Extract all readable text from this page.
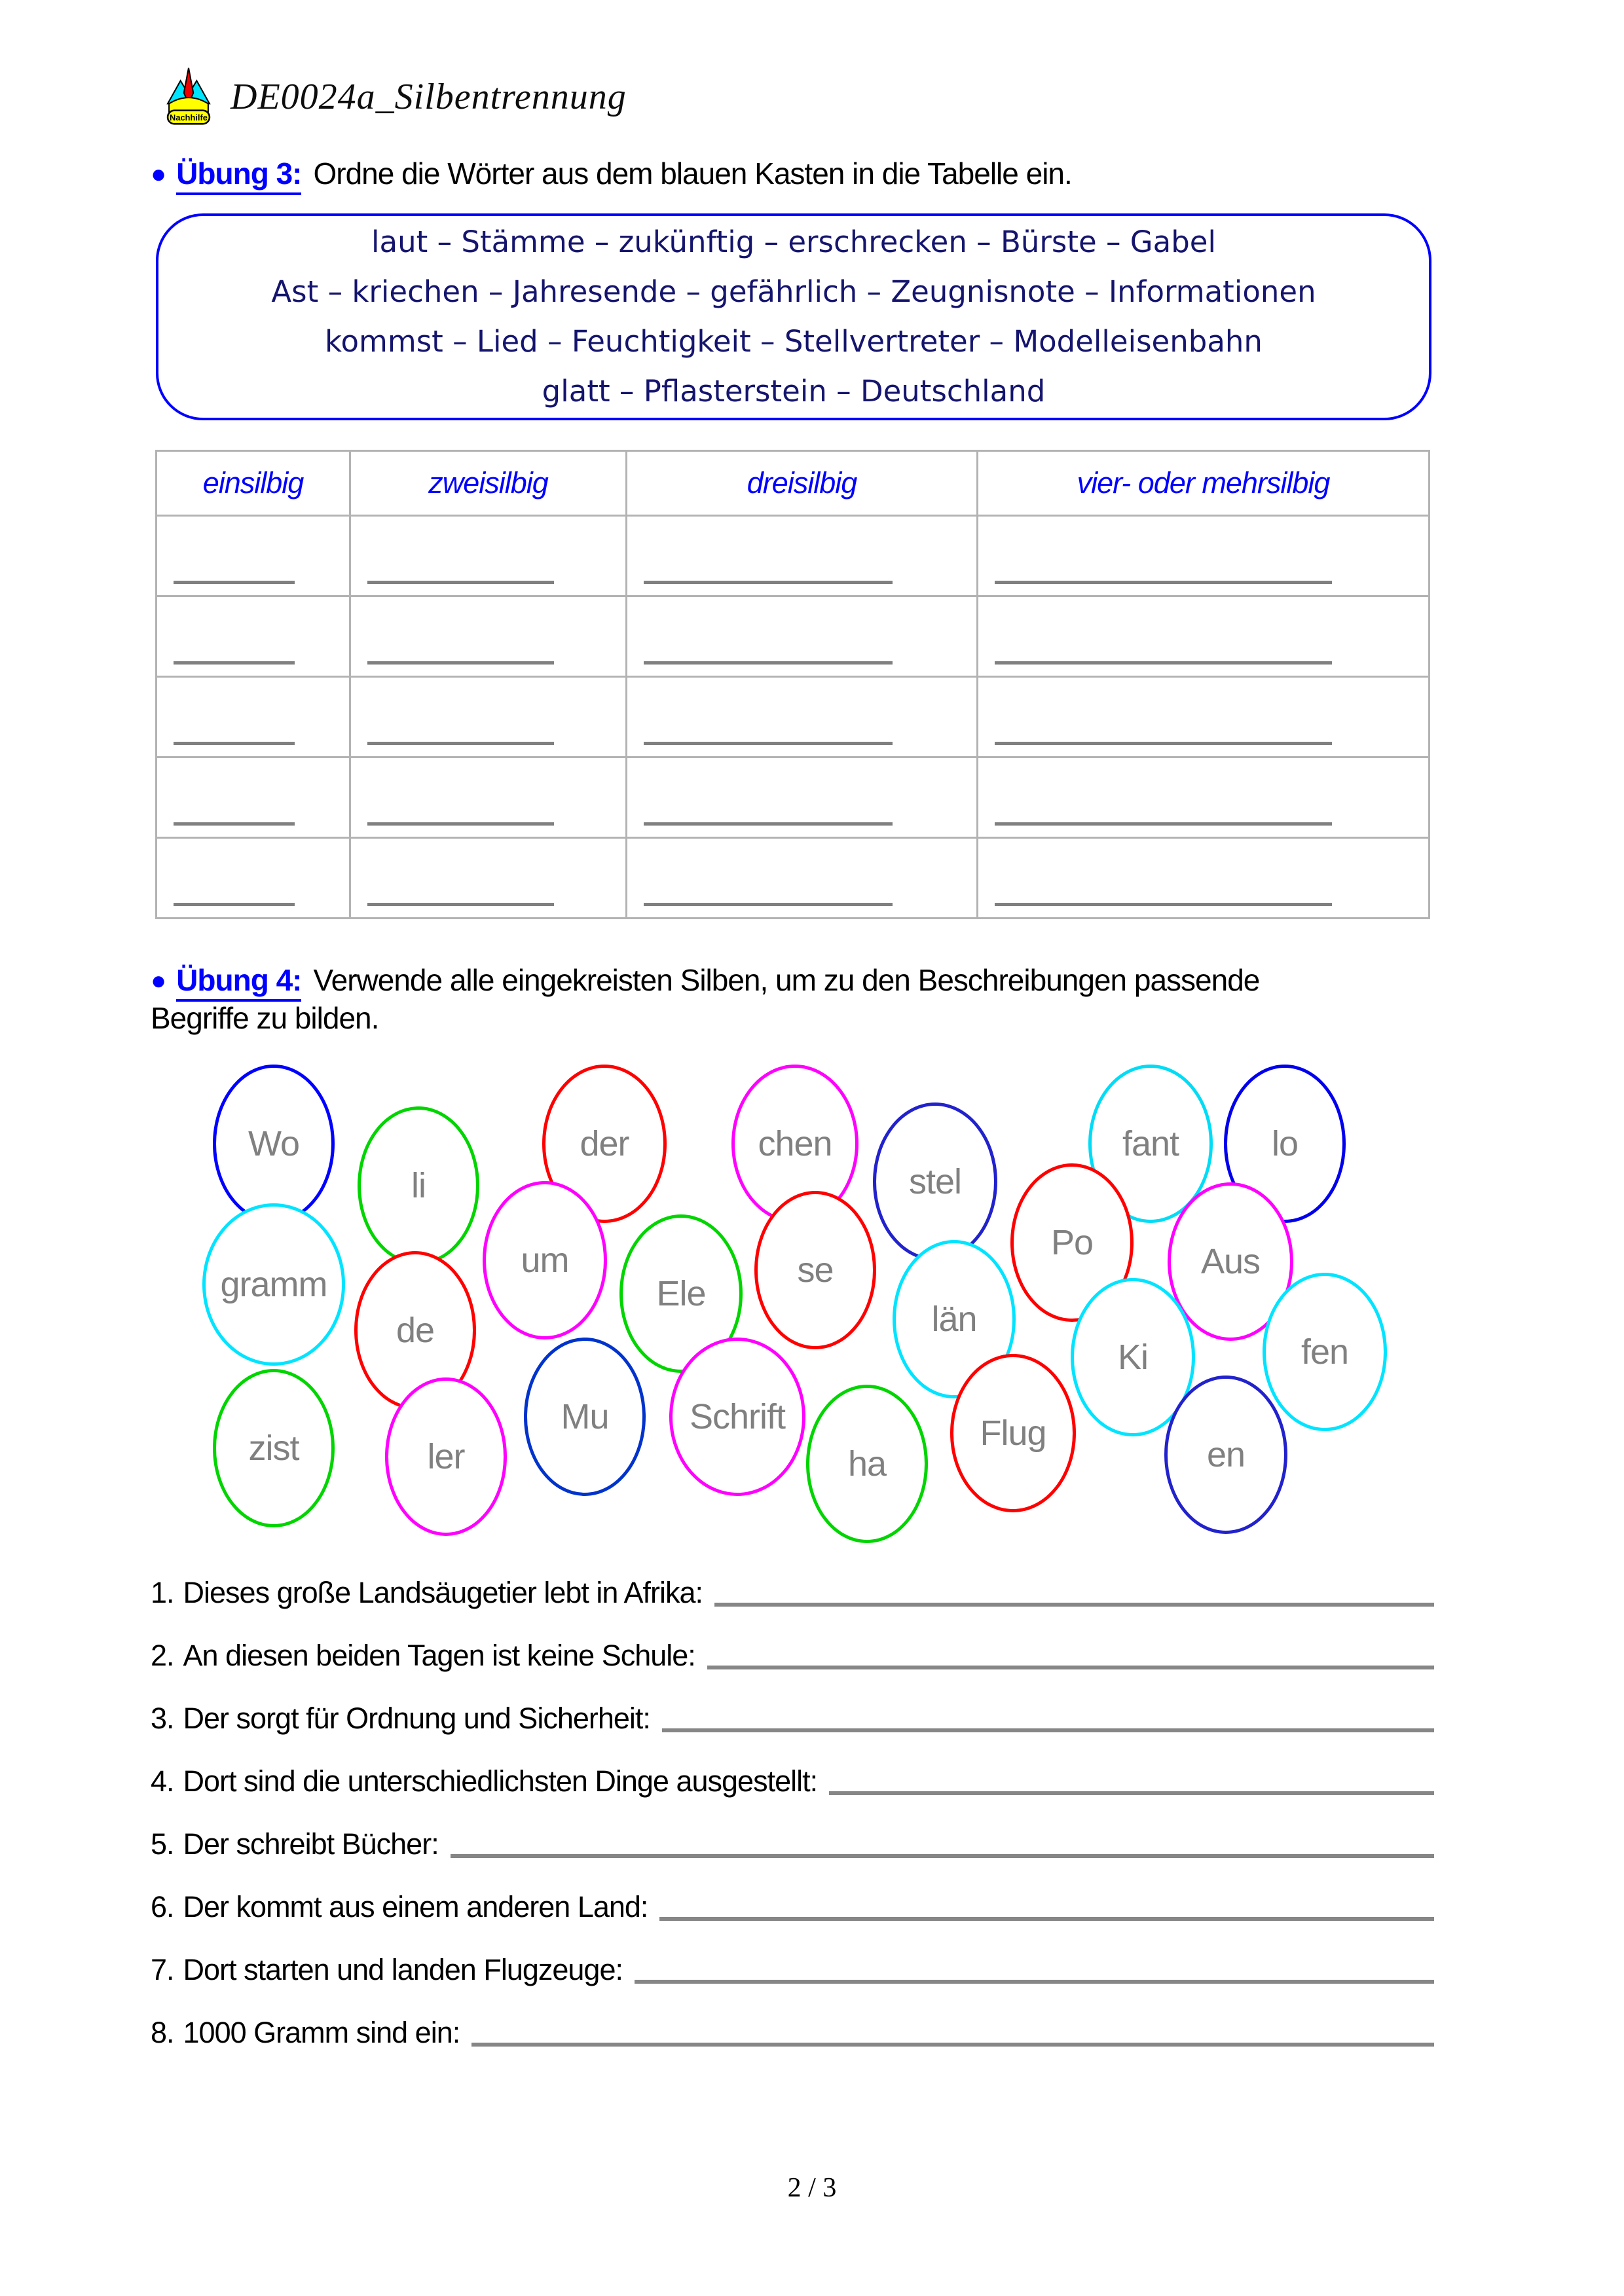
Nachhilfe
DE0024a_Silbentrennung
● Übung 3: Ordne die Wörter aus dem blauen Kasten in die Tabelle ein.
laut – Stämme – zukünftig – erschrecken – Bürste – Gabel
Ast – kriechen – Jahresende – gefährlich – Zeugnisnote – Informationen
kommst – Lied – Feuchtigkeit – Stellvertreter – Modelleisenbahn
glatt – Pflasterstein – Deutschland
einsilbig	zweisilbig	dreisilbig	vier- oder mehrsilbig

● Übung 4: Verwende alle eingekreisten Silben, um zu den Beschreibungen passende
Begriffe zu bilden.
Wo
li
der	chen
stel
fant	lo
gramm
um
Ele
se
Po	Aus
de	län
Ki	fen
zist	ler
Mu Schrift
ha
Flug
en
1. Dieses große Landsäugetier lebt in Afrika:
2. An diesen beiden Tagen ist keine Schule:
3. Der sorgt für Ordnung und Sicherheit:
4. Dort sind die unterschiedlichsten Dinge ausgestellt:
5. Der schreibt Bücher:
6. Der kommt aus einem anderen Land:
7. Dort starten und landen Flugzeuge:
8. 1000 Gramm sind ein:
2 / 3
